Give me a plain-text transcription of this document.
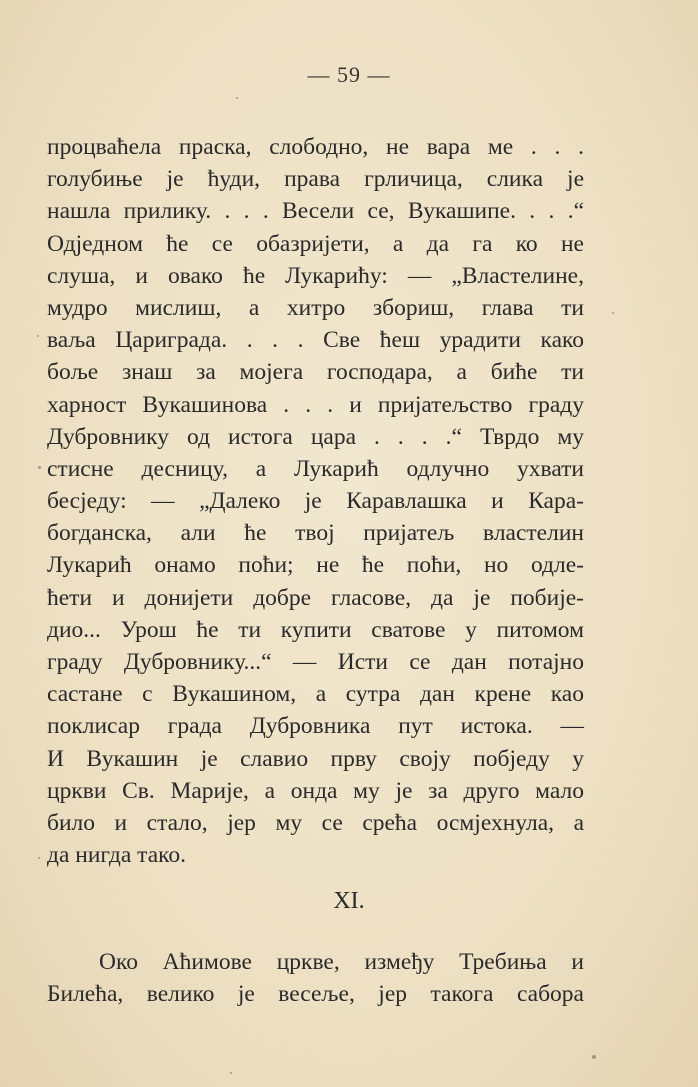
— 59 —
процваћела праска, слободно, не вара ме . . .
голубиње је ћуди, права грличица, слика је
нашла прилику. . . . Весели се, Вукашипе. . . .“
Одједном ће се обазријети, а да га ко не
слуша, и овако ће Лукарићу: — „Властелине,
мудро мислиш, а хитро збориш, глава ти
ваља Цариграда. . . . Све ћеш урадити како
боље знаш за мојега господара, а биће ти
харност Вукашинова . . . и пријатељство граду
Дубровнику од истога цара . . . .“ Тврдо му
стисне десницу, а Лукарић одлучно ухвати
бесједу: — „Далеко је Каравлашка и Кара-
богданска, али ће твој пријатељ властелин
Лукарић онамо поћи; не ће поћи, но одле-
ћети и донијети добре гласове, да је побије-
дио... Урош ће ти купити сватове у питомом
граду Дубровнику...“ — Исти се дан потајно
састане с Вукашином, а сутра дан крене као
поклисар града Дубровника пут истока. —
И Вукашин је славио прву своју побједу у
цркви Св. Марије, а онда му је за друго мало
било и стало, јер му се срећа осмјехнула, а
да нигда тако.
XI.
Око Аћимове цркве, између Требиња и
Билећа, велико је весеље, јер такога сабора
